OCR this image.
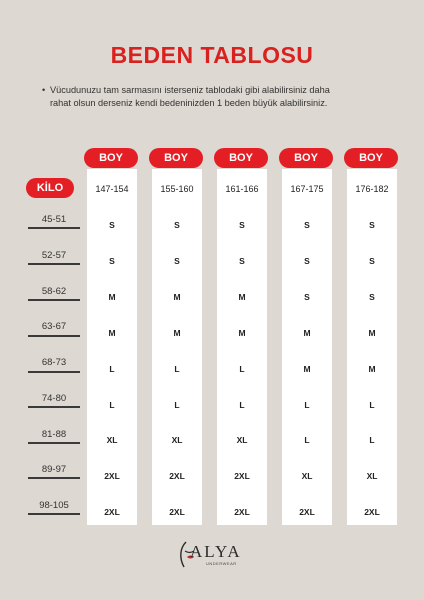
BEDEN TABLOSU
• Vücudunuzu tam sarmasını isterseniz tablodaki gibi alabilirsiniz daha rahat olsun derseniz kendi bedeninizden 1 beden büyük alabilirsiniz.
KİLO
BOY
147-154
S
S
M
M
L
L
XL
2XL
2XL
BOY
155-160
S
S
M
M
L
L
XL
2XL
2XL
BOY
161-166
S
S
M
M
L
L
XL
2XL
2XL
BOY
167-175
S
S
S
M
M
L
L
XL
2XL
BOY
176-182
S
S
S
M
M
L
L
XL
2XL
45-51
52-57
58-62
63-67
68-73
74-80
81-88
89-97
98-105
ALYA
UNDERWEAR
